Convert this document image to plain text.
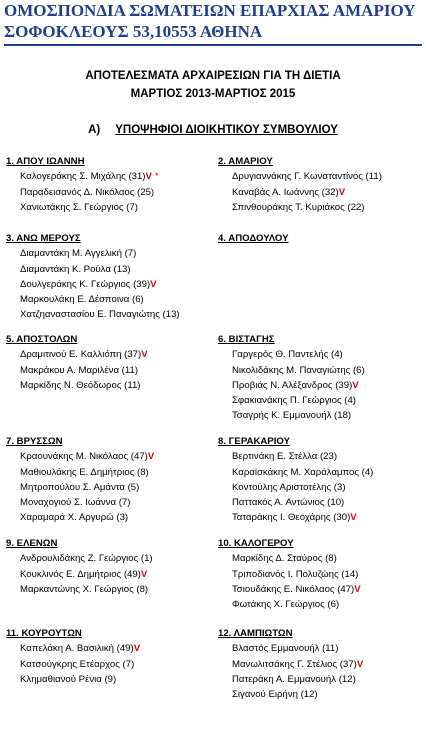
ΟΜΟΣΠΟΝΔΙΑ ΣΩΜΑΤΕΙΩΝ ΕΠΑΡΧΙΑΣ ΑΜΑΡΙΟΥ
ΣΟΦΟΚΛΕΟΥΣ 53,10553 ΑΘΗΝΑ
ΑΠΟΤΕΛΕΣΜΑΤΑ ΑΡΧΑΙΡΕΣΙΩΝ ΓΙΑ ΤΗ ΔΙΕΤΙΑ
ΜΑΡΤΙΟΣ 2013-ΜΑΡΤΙΟΣ 2015
Α) ΥΠΟΨΗΦΙΟΙ ΔΙΟΙΚΗΤΙΚΟΥ ΣΥΜΒΟΥΛΙΟΥ
1. ΑΠΟΥ ΙΩΑΝΝΗ
Καλογεράκης Σ. Μιχάλης (31)V *
Παραδεισανός Δ. Νικόλαος (25)
Χανιωτάκης Σ. Γεώργιος (7)
2. ΑΜΑΡΙΟΥ
Δρυγιαννάκης Γ. Κωνσταντίνος (11)
Καναβάς Α. Ιωάννης (32)V
Σπινθουράκης Τ. Κυριάκος (22)
3. ΑΝΩ ΜΕΡΟΥΣ
Διαμαντάκη Μ. Αγγελική (7)
Διαμαντάκη Κ. Ρούλα (13)
Δουλγεράκης Κ. Γεώργιος (39)V
Μαρκουλάκη Ε. Δέσποινα (6)
Χατζηαναστασίου Ε. Παναγιώτης (13)
4. ΑΠΟΔΟΥΛΟΥ
5. ΑΠΟΣΤΟΛΩΝ
Δραμιτινού Ε. Καλλιόπη (37)V
Μακράκου Α. Μαριλένα (11)
Μαρκίδης Ν. Θεόδωρος (11)
6. ΒΙΣΤΑΓΗΣ
Γαργερός Θ. Παντελής (4)
Νικολιδάκης Μ. Παναγιώτης (6)
Προβιάς Ν. Αλέξανδρος (39)V
Σφακιανάκης Π. Γεώργιος (4)
Τσαγρής Κ. Εμμανουήλ (18)
7. ΒΡΥΣΣΩΝ
Κραουνάκης Μ. Νικόλαος (47)V
Μαθιουλάκης Ε. Δημήτριος (8)
Μητροπούλου Σ. Αμάντα (5)
Μοναχογιού Σ. Ιωάννα (7)
Χαραμαρά Χ. Αργυρώ (3)
8. ΓΕΡΑΚΑΡΙΟΥ
Βερτινάκη Ε. Στέλλα (23)
Καραϊσκάκης Μ. Χαράλαμπος (4)
Κοντούλης Αριστοτέλης (3)
Παττακός Α. Αντώνιος (10)
Ταταράκης Ι. Θεοχάρης (30)V
9. ΕΛΕΝΩΝ
Ανδρουλιδάκης Ζ. Γεώργιος (1)
Κουκλινός Ε. Δημήτριος (49)V
Μαρκαντώνης Χ. Γεώργιος (8)
10. ΚΑΛΟΓΕΡΟΥ
Μαρκίδης Δ. Σταύρος (8)
Τριποδιανός Ι. Πολυζώης (14)
Τσιουδάκης Ε. Νικόλαος (47)V
Φωτάκης Χ. Γεώργιος (6)
11. ΚΟΥΡΟΥΤΩΝ
Καπελάκη Α. Βασιλική (49)V
Κατσούγκρης Ετέαρχος (7)
Κλημαθιανού Ρένια (9)
12. ΛΑΜΠΙΩΤΩΝ
Βλαστός Εμμανουήλ (11)
Μανωλιτσάκης Γ. Στέλιος (37)V
Πατεράκη Α. Εμμανουήλ (12)
Σιγανού Ειρήνη (12)
